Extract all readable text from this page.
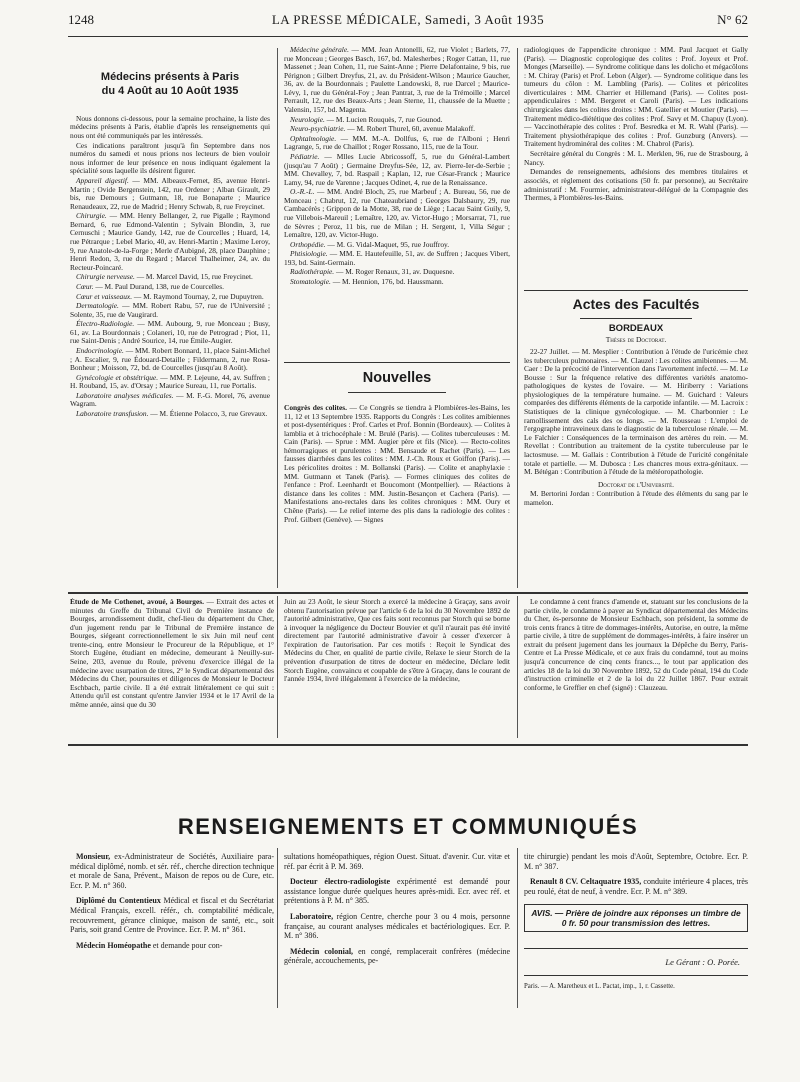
1248	LA PRESSE MÉDICALE, Samedi, 3 Août 1935	N° 62
Médecins présents à Paris
du 4 Août au 10 Août 1935

Nous donnons ci-dessous, pour la semaine prochaine, la liste des médecins présents à Paris, établie d'après les renseignements qui nous ont été communiqués par les intéressés.

Ces indications paraîtront jusqu'à fin Septembre dans nos numéros du samedi et nous prions nos lecteurs de bien vouloir nous informer de leur présence en nous indiquant également la spécialité sous laquelle ils désirent figurer.

Appareil digestif. — MM. Albeaux-Fernet, 85, avenue Henri-Martin ; Ovide Bergenstein, 142, rue Ordener ; Alban Girault, 29 bis, rue Demours ; Gutmann, 18, rue Bonaparte ; Maurice Renaudeaux, 22, rue de Madrid ; Henry Schwab, 8, rue Freycinet.

Chirurgie. — MM. Henry Bellanger, 2, rue Pigalle ; Raymond Bernard, 6, rue Edmond-Valentin ; Sylvain Blondin, 3, rue Cernuschi ; Maurice Gandy, 142, rue de Courcelles ; Huard, 14, rue Pétrarque ; Lebel Mario, 40, av. Henri-Martin ; Maxime Leroy, 9, rue Anatole-de-la-Forge ; Merle d'Aubigné, 28, place Dauphine ; Henri Redon, 3, rue du Regard ; Marcel Thalheimer, 24, av. du Recteur-Poincaré.

Chirurgie nerveuse. — M. Marcel David, 15, rue Freycinet.

Cœur. — M. Paul Durand, 138, rue de Courcelles.

Cœur et vaisseaux. — M. Raymond Tournay, 2, rue Dupuytren.

Dermatologie. — MM. Robert Rabu, 57, rue de l'Université ; Solente, 35, rue de Vaugirard.

Électro-Radiologie. — MM. Aubourg, 9, rue Monceau ; Busy, 61, av. La Bourdonnais ; Colaneri, 10, rue de Petrograd ; Piot, 11, rue Saint-Denis ; André Sourice, 14, rue Émile-Augier.

Endocrinologie. — MM. Robert Bonnard, 11, place Saint-Michel ; A. Escalier, 9, rue Édouard-Detaille ; Fildermann, 2, rue Rosa-Bonheur ; Moisson, 72, bd. de Courcelles (jusqu'au 8 Août).

Gynécologie et obstétrique. — MM. P. Lejeune, 44, av. Suffren ; H. Rouband, 15, av. d'Orsay ; Maurice Sureau, 11, rue Portalis.

Laboratoire analyses médicales. — M. F.-G. Morel, 76, avenue Wagram.

Laboratoire transfusion. — M. Étienne Polacco, 3, rue Grevaux.

Médecine générale. — MM. Jean Antonelli, 62, rue Violet ; Barlets, 77, rue Monceau ; Georges Basch, 167, bd. Malesherbes ; Roger Cattan, 11, rue Massenet ; Jean Cohen, 11, rue Saint-Anne ; Pierre Delafontaine, 9 bis, rue Pérignon ; Gilbert Dreyfus, 21, av. du Président-Wilson ; Maurice Gaucher, 36, av. de la Bourdonnais ; Paulette Landowski, 8, rue Darcel ; Maurice-Lévy, 1, rue du Général-Foy ; Jean Pantrat, 3, rue de la Trémoille ; Marcel Perrault, 12, rue des Beaux-Arts ; Jean Sterne, 11, chaussée de la Muette ; Valensin, 157, bd. Magenta.

Neurologie. — M. Lucien Rouquès, 7, rue Gounod.

Neuro-psychiatrie. — M. Robert Thurel, 60, avenue Malakoff.

Ophtalmologie. — MM. M.-A. Dollfus, 6, rue de l'Alboni ; Henri Lagrange, 5, rue de Chaillot ; Roger Rossano, 115, rue de la Tour.

Pédiatrie. — Mlles Lucie Abricossoff, 5, rue du Général-Lambert (jusqu'au 7 Août) ; Germaine Dreyfus-Sée, 12, av. Pierre-Ier-de-Serbie ; MM. Chevalley, 7, bd. Raspail ; Kaplan, 12, rue César-Franck ; Maurice Lamy, 94, rue de Varenne ; Jacques Odinet, 4, rue de la Renaissance.

O.-R.-L. — MM. André Bloch, 25, rue Marbeuf ; A. Bureau, 56, rue de Monceau ; Chabrut, 12, rue Chateaubriand ; Georges Dalsbaury, 29, rue Cambacérès ; Grippon de la Motte, 38, rue de Liège ; Lacau Saint Guily, 9, rue Villebois-Mareuil ; Lemaître, 120, av. Victor-Hugo ; Morsarrat, 71, rue de Sèvres ; Peroz, 11 bis, rue de Milan ; H. Sergent, 1, Villa Ségur ; Lemaître, 120, av. Victor-Hugo.

Orthopédie. — M. G. Vidal-Maquet, 95, rue Jouffroy.

Phtisiologie. — MM. E. Hautefeuille, 51, av. de Suffren ; Jacques Vibert, 193, bd. Saint-Germain.

Radiothérapie. — M. Roger Renaux, 31, av. Duquesne.

Stomatologie. — M. Hennion, 176, bd. Haussmann.

Nouvelles

Congrès des colites. — Ce Congrès se tiendra à Plombières-les-Bains, les 11, 12 et 13 Septembre 1935. Rapports du Congrès : Les colites amibiennes et post-dysentériques : Prof. Carles et Prof. Bonnin (Bordeaux). — Colites à lamblia et à trichocéphale : M. Brulé (Paris). — Colites tuberculeuses : M. Cain (Paris). — Sprue : MM. Augier père et fils (Nice). — Recto-colites hémorragiques et purulentes : MM. Bensaude et Rachet (Paris). — Les fausses diarrhées dans les colites : MM. J.-Ch. Roux et Goiffon (Paris). — Les péricolites droites : M. Bollanski (Paris). — Colite et anaphylaxie : MM. Gutmann et Tanek (Paris). — Formes cliniques des colites de l'enfance : Prof. Leenhardt et Boucomont (Montpellier). — Réactions à distance dans les colites : MM. Justin-Besançon et Cachera (Paris). — Manifestations ano-rectales dans les colites chroniques : MM. Oury et Chêne (Paris). — Le relief interne des plis dans la radiologie des colites : Prof. Gilbert (Genève). — Signes

radiologiques de l'appendicite chronique : MM. Paul Jacquet et Gally (Paris). — Diagnostic coprologique des colites : Prof. Joyeux et Prof. Monges (Marseille). — Syndrome colitique dans les dolicho et mégacôlons : M. Chiray (Paris) et Prof. Lebon (Alger). — Syndrome colitique dans les tumeurs du côlon : M. Lambling (Paris). — Colites et péricolites diverticulaires : MM. Charrier et Hillemand (Paris). — Colites post-appendiculaires : MM. Bergeret et Caroli (Paris). — Les indications chirurgicales dans les colites droites : MM. Gatellier et Moutier (Paris). — Traitement médico-diététique des colites : Prof. Savy et M. Chapuy (Lyon). — Vaccinothérapie des colites : Prof. Besredka et M. R. Wahl (Paris). — Traitement physiothérapique des colites : Prof. Gunzburg (Anvers). — Traitement hydrominéral des colites : M. Chabrol (Paris).

Secrétaire général du Congrès : M. L. Merklen, 96, rue de Strasbourg, à Nancy.

Demandes de renseignements, adhésions des membres titulaires et associés, et règlement des cotisations (50 fr. par personne), au Secrétaire administratif : M. Fourmier, administrateur-délégué de la Compagnie des Thermes, à Plombières-les-Bains.

Actes des Facultés
BORDEAUX
Thèses de Doctorat.

22-27 Juillet. — M. Mesplier : Contribution à l'étude de l'uricémie chez les tuberculeux pulmonaires. — M. Clauzel : Les colites amibiennes. — M. Caer : De la précocité de l'intervention dans l'avortement infecté. — M. Le Bousse : Sur la fréquence relative des différentes variétés anatomo-pathologiques de kystes de l'ovaire. — M. Hiriberry : Variations physiologiques de la température humaine. — M. Guichard : Valeurs comparées des différents éléments de la carpotide infantile. — M. Lacroix : Statistiques de la clinique gynécologique. — M. Charbonnier : Le ramollissement des cals des os longs. — M. Rousseau : L'emploi de l'ergographe intraveineux dans le diagnostic de la tuberculose rénale. — M. Le Falchier : Conséquences de la terminaison des artères du rein. — M. Revellat : Contribution au traitement de la cystite tuberculeuse par le lactosmuse. — M. Gallais : Contribution à l'étude de l'uricité congénitale totale et partielle. — M. Dubosca : Les chancres mous extra-génitaux. — M. Bétégan : Contribution à l'étude de la météoropathologie.

Doctorat de l'Université.

M. Bertorini Jordan : Contribution à l'étude des éléments du sang par le mamelon.

Étude de Me Cothenet, avoué, à Bourges. — Extrait des actes et minutes du Greffe du Tribunal Civil de Première instance de Bourges, arrondissement dudit, chef-lieu du département du Cher, d'un jugement rendu par le Tribunal de Première instance de Bourges, siégeant correctionnellement le six Juin mil neuf cent trente-cinq, entre Monsieur le Procureur de la République, et 1° Storch Eugène, étudiant en médecine, demeurant à Neuilly-sur-Seine, 203, avenue du Roule, prévenu d'exercice illégal de la médecine avec usurpation de titres, 2° le Syndicat départemental des Médecins du Cher, poursuites et diligences de Monsieur le Docteur Eschbach, partie civile. Il a été extrait littéralement ce qui suit : Attendu qu'il est constant qu'entre Janvier 1934 et le 17 Avril de la même année, ainsi que du 30

Juin au 23 Août, le sieur Storch a exercé la médecine à Graçay, sans avoir obtenu l'autorisation prévue par l'article 6 de la loi du 30 Novembre 1892 de l'autorité administrative, Que ces faits sont reconnus par Storch qui se borne à invoquer la négligence du Docteur Bouvier et qu'il n'aurait pas été invité directement par l'autorité administrative d'avoir à cesser d'exercer à l'expiration de l'autorisation. Par ces motifs : Reçoit le Syndicat des Médecins du Cher, en qualité de partie civile, Relaxe le sieur Storch de la prévention d'usurpation de titres de docteur en médecine, Déclare ledit Storch Eugène, convaincu et coupable de s'être à Graçay, dans le courant de l'année 1934, livré illégalement à l'exercice de la médecine,

Le condamne à cent francs d'amende et, statuant sur les conclusions de la partie civile, le condamne à payer au Syndicat départemental des Médecins du Cher, ès-personne de Monsieur Eschbach, son président, la somme de trois cents francs à titre de dommages-intérêts, Autorise, en outre, la même partie civile, à titre de supplément de dommages-intérêts, à faire insérer un extrait du présent jugement dans les journaux la Dépêche du Berry, Paris-Centre et La Presse Médicale, et ce aux frais du condamné, tout au moins jusqu'à concurrence de cinq cents francs..., le tout par application des articles 18 de la loi du 30 Novembre 1892, 52 du Code pénal, 194 du Code d'instruction criminelle et 2 de la loi du 22 Juillet 1867. Pour extrait conforme, le Greffier en chef (signé) : Clauzeau.

RENSEIGNEMENTS ET COMMUNIQUÉS

Monsieur, ex-Administrateur de Sociétés, Auxiliaire para-médical diplômé, nomb. et sér. réf., cherche direction technique et morale de Sana, Prévent., Maison de repos ou de Cure, etc. Ecr. P. M. n° 360.

Diplômé du Contentieux Médical et fiscal et du Secrétariat Médical Français, excell. référ., ch. comptabilité médicale, recouvrement, gérance clinique, maison de santé, etc., soit Paris, soit grand Centre de Province. Ecr. P. M. n° 361.

Médecin Homéopathe et demande pour con-

sultations homéopathiques, région Ouest. Situat. d'avenir. Cur. vitæ et réf. par écrit à P. M. 369.

Docteur électro-radiologiste expérimenté est demandé pour assistance longue durée quelques heures après-midi. Ecr. avec réf. et prétentions à P. M. n° 385.

Laboratoire, région Centre, cherche pour 3 ou 4 mois, personne française, au courant analyses médicales et bactériologiques. Ecr. P. M. n° 386.

Médecin colonial, en congé, remplacerait confrères (médecine générale, accouchements, pe-

tite chirurgie) pendant les mois d'Août, Septembre, Octobre. Ecr. P. M. n° 387.

Renault 8 CV. Celtaquatre 1935, conduite intérieure 4 places, très peu roulé, état de neuf, à vendre. Ecr. P. M. n° 389.

AVIS. — Prière de joindre aux réponses un timbre de 0 fr. 50 pour transmission des lettres.
Le Gérant : O. Porée.
Paris. — A. Maretheux et L. Pactat, imp., 1, r. Cassette.
